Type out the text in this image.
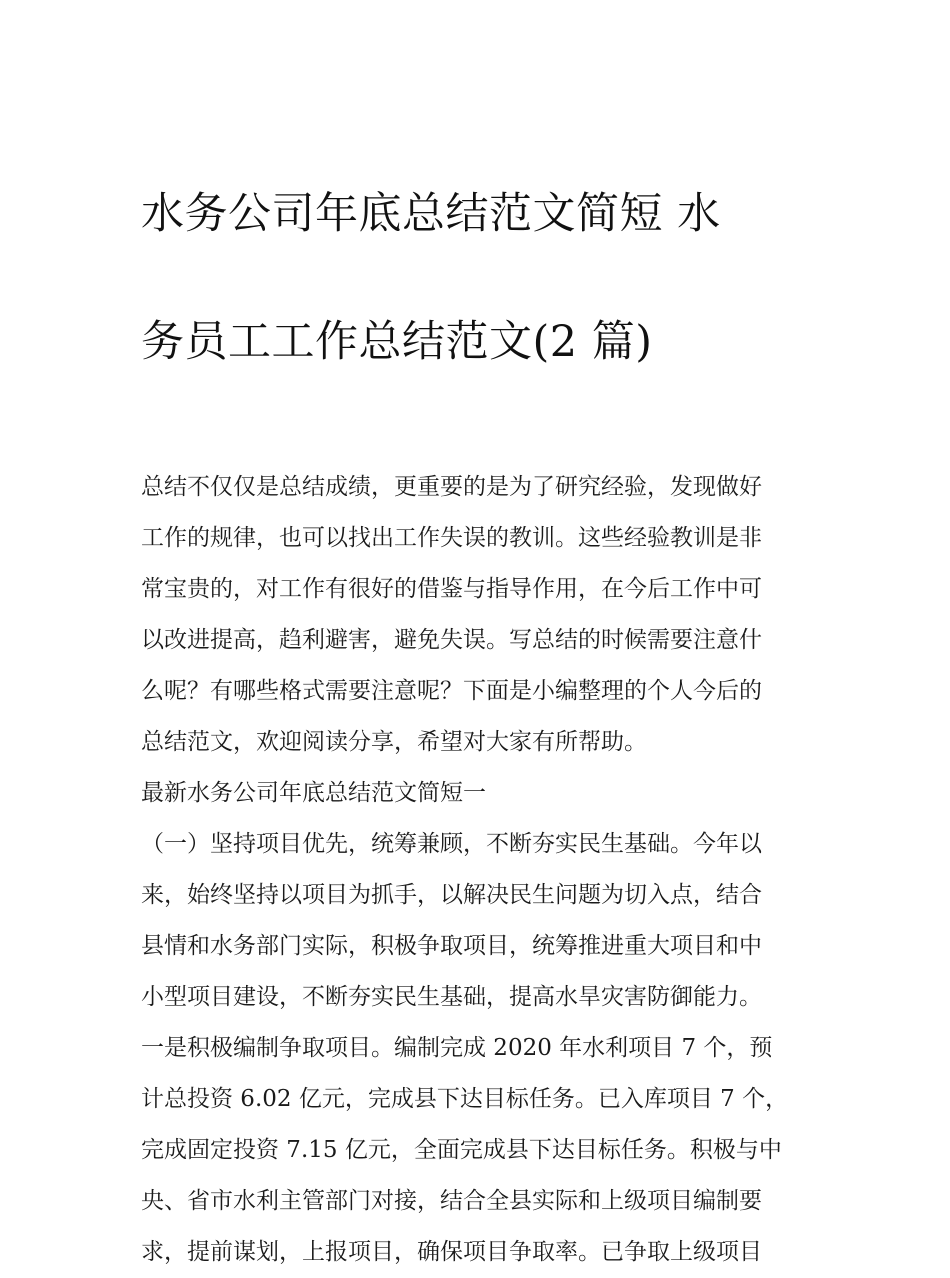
水务公司年底总结范文简短 水

务员工工作总结范文(2 篇)

总结不仅仅是总结成绩，更重要的是为了研究经验，发现做好
工作的规律，也可以找出工作失误的教训。这些经验教训是非
常宝贵的，对工作有很好的借鉴与指导作用，在今后工作中可
以改进提高，趋利避害，避免失误。写总结的时候需要注意什
么呢？有哪些格式需要注意呢？下面是小编整理的个人今后的
总结范文，欢迎阅读分享，希望对大家有所帮助。
最新水务公司年底总结范文简短一
（一）坚持项目优先，统筹兼顾，不断夯实民生基础。今年以
来，始终坚持以项目为抓手，以解决民生问题为切入点，结合
县情和水务部门实际，积极争取项目，统筹推进重大项目和中
小型项目建设，不断夯实民生基础，提高水旱灾害防御能力。
一是积极编制争取项目。编制完成 2020 年水利项目 7 个，预
计总投资 6.02 亿元，完成县下达目标任务。已入库项目 7 个，
完成固定投资 7.15 亿元，全面完成县下达目标任务。积极与中
央、省市水利主管部门对接，结合全县实际和上级项目编制要
求，提前谋划，上报项目，确保项目争取率。已争取上级项目
